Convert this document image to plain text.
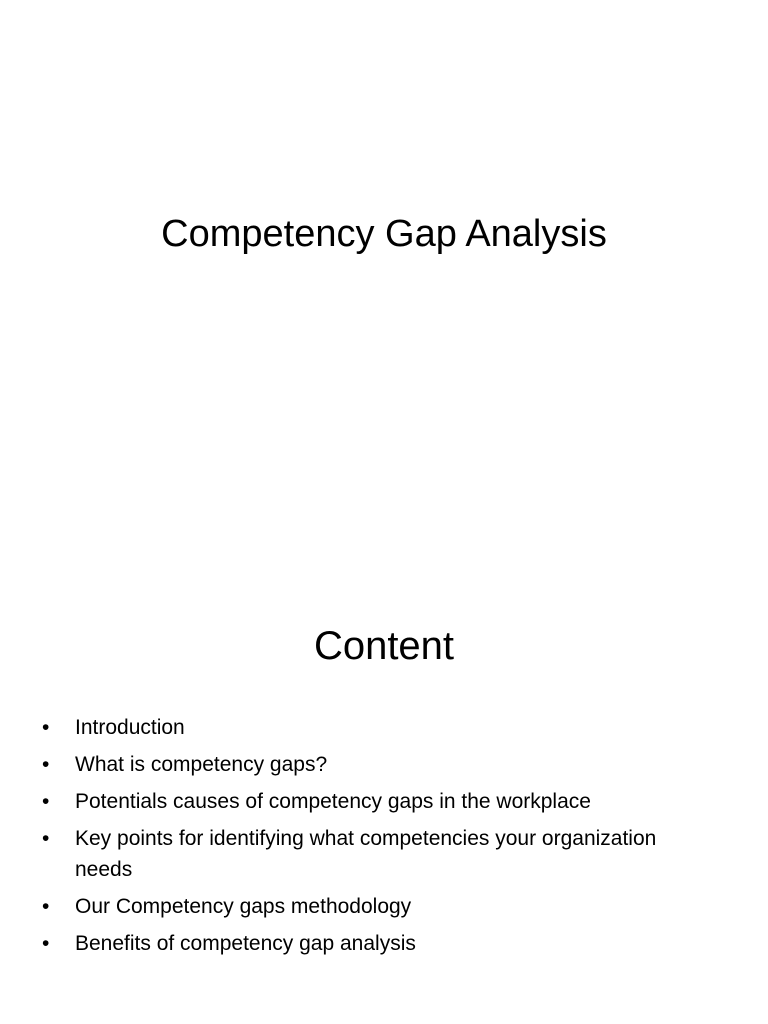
Competency Gap Analysis
Content
•	Introduction
•	What is competency gaps?
•	Potentials causes of competency gaps in the workplace
•	Key points for identifying what competencies your organization needs
•	Our Competency gaps methodology
•	Benefits of competency gap analysis
